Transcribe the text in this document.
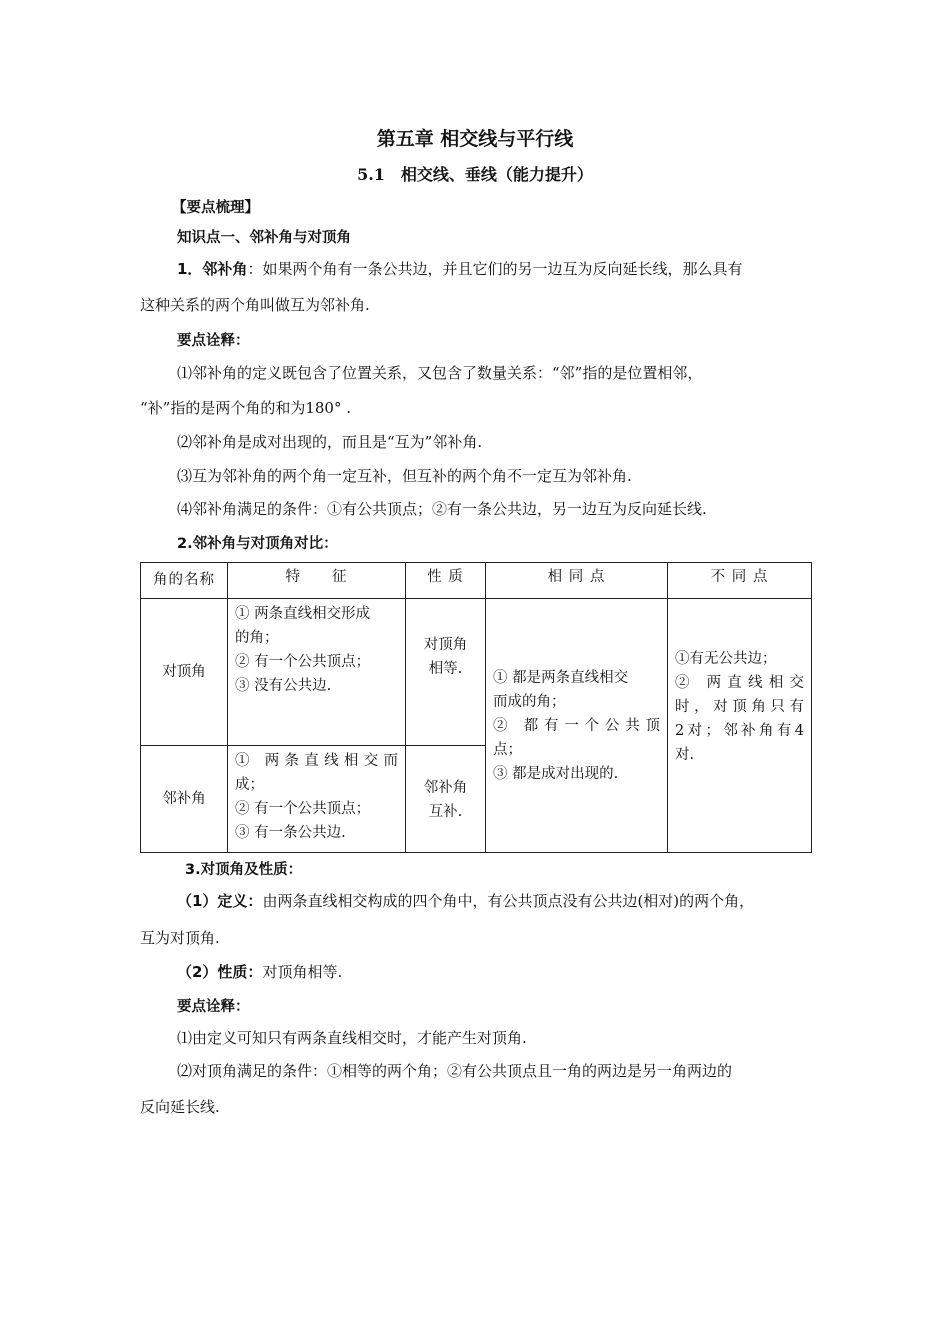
第五章 相交线与平行线
5.1　相交线、垂线（能力提升）
【要点梳理】
知识点一、邻补角与对顶角
1．邻补角：如果两个角有一条公共边，并且它们的另一边互为反向延长线，那么具有
这种关系的两个角叫做互为邻补角.
要点诠释：
⑴邻补角的定义既包含了位置关系，又包含了数量关系：“邻”指的是位置相邻，
“补”指的是两个角的和为180° .
⑵邻补角是成对出现的，而且是“互为”邻补角.
⑶互为邻补角的两个角一定互补，但互补的两个角不一定互为邻补角.
⑷邻补角满足的条件：①有公共顶点；②有一条公共边，另一边互为反向延长线.
2.邻补角与对顶角对比：
角的名称	特　　征	性 质	相 同 点	不 同 点
对顶角	① 两条直线相交形成
的角；
② 有一个公共顶点；
③ 没有公共边.	对顶角
相等.	① 都是两条直线相交
而成的角；
② 都有一个公共顶
点；
③ 都是成对出现的.	①有无公共边；
② 两直线相交
时，对顶角只有
2对；邻补角有4
对.

邻补角	① 两条直线相交而
成；
② 有一个公共顶点；
③ 有一条公共边.	邻补角
互补.		
3.对顶角及性质：
（1）定义：由两条直线相交构成的四个角中，有公共顶点没有公共边(相对)的两个角，
互为对顶角.
（2）性质：对顶角相等.
要点诠释：
⑴由定义可知只有两条直线相交时，才能产生对顶角.
⑵对顶角满足的条件：①相等的两个角；②有公共顶点且一角的两边是另一角两边的
反向延长线.
